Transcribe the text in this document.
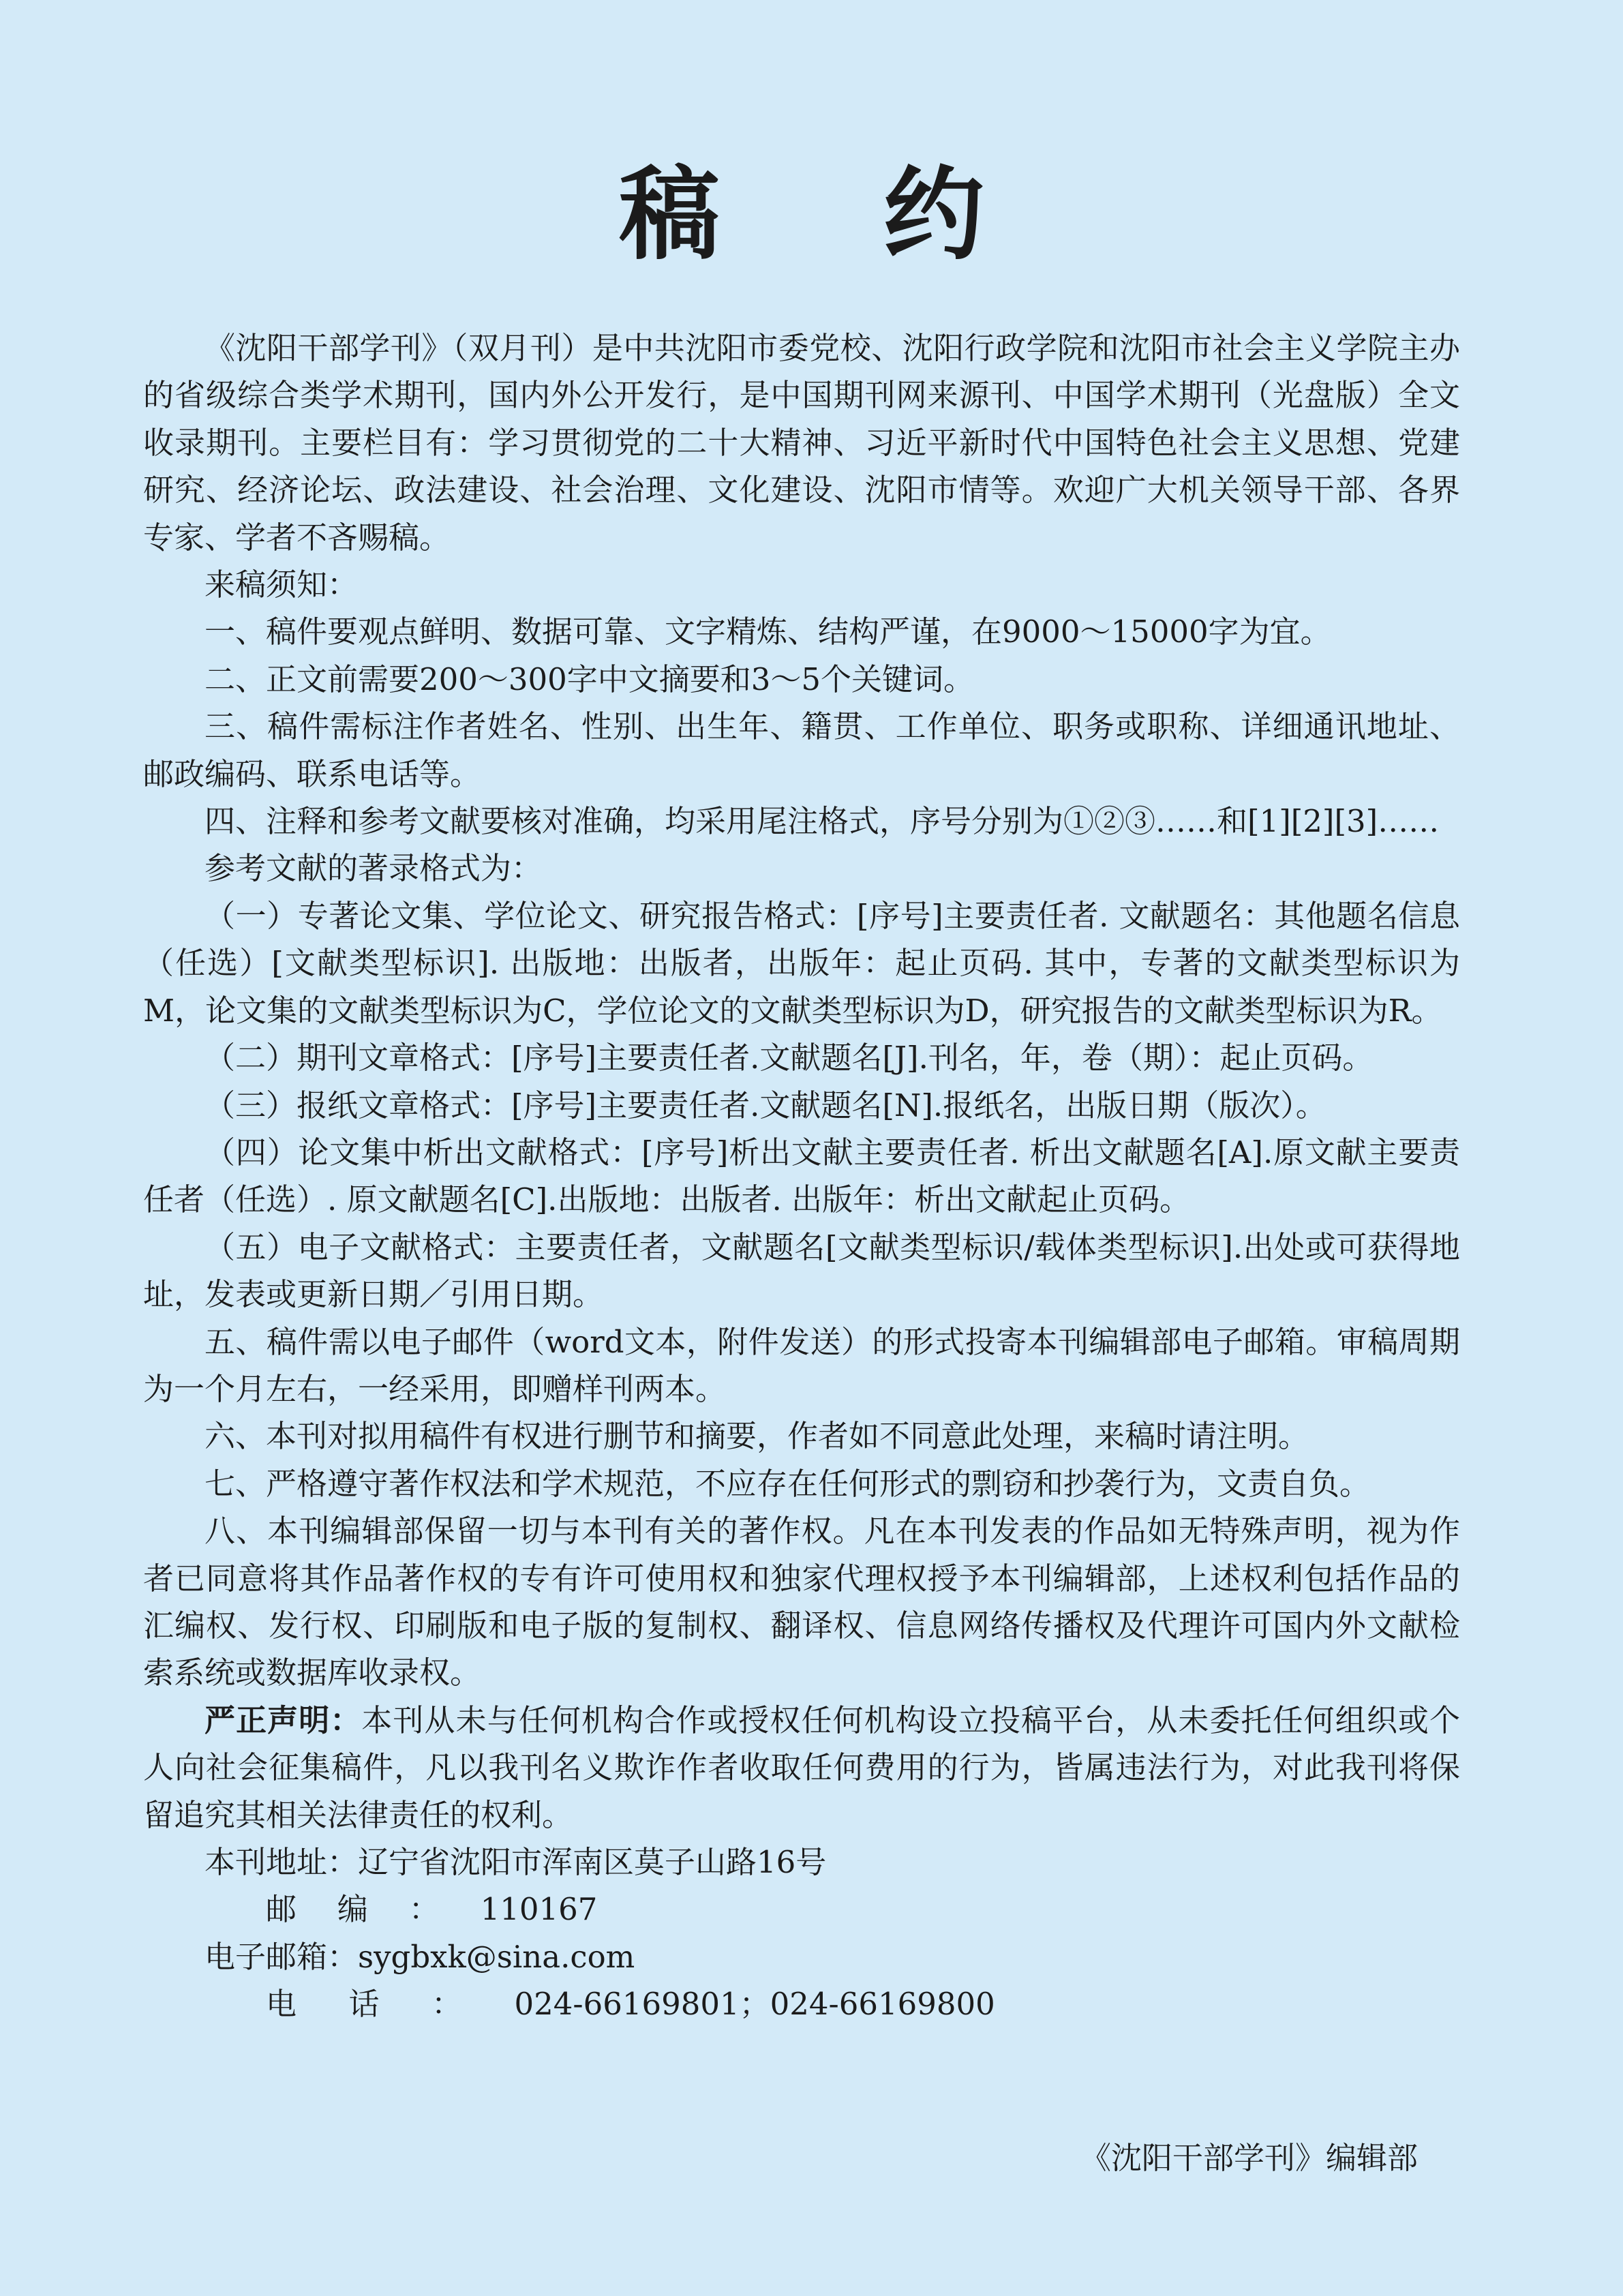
稿 约

《沈阳干部学刊》（双月刊）是中共沈阳市委党校、沈阳行政学院和沈阳市社会主义学院主办的省级综合类学术期刊，国内外公开发行，是中国期刊网来源刊、中国学术期刊（光盘版）全文收录期刊。主要栏目有：学习贯彻党的二十大精神、习近平新时代中国特色社会主义思想、党建研究、经济论坛、政法建设、社会治理、文化建设、沈阳市情等。欢迎广大机关领导干部、各界专家、学者不吝赐稿。

来稿须知：

一、稿件要观点鲜明、数据可靠、文字精炼、结构严谨，在9000～15000字为宜。

二、正文前需要200～300字中文摘要和3～5个关键词。

三、稿件需标注作者姓名、性别、出生年、籍贯、工作单位、职务或职称、详细通讯地址、邮政编码、联系电话等。

四、注释和参考文献要核对准确，均采用尾注格式，序号分别为①②③……和[1][2][3]……

参考文献的著录格式为：

（一）专著论文集、学位论文、研究报告格式：[序号]主要责任者. 文献题名：其他题名信息（任选）[文献类型标识]. 出版地：出版者，出版年：起止页码. 其中，专著的文献类型标识为M，论文集的文献类型标识为C，学位论文的文献类型标识为D，研究报告的文献类型标识为R。

（二）期刊文章格式：[序号]主要责任者.文献题名[J].刊名，年，卷（期）：起止页码。

（三）报纸文章格式：[序号]主要责任者.文献题名[N].报纸名，出版日期（版次）。

（四）论文集中析出文献格式：[序号]析出文献主要责任者. 析出文献题名[A].原文献主要责任者（任选）. 原文献题名[C].出版地：出版者. 出版年：析出文献起止页码。

（五）电子文献格式：主要责任者，文献题名[文献类型标识/载体类型标识].出处或可获得地址，发表或更新日期／引用日期。

五、稿件需以电子邮件（word文本，附件发送）的形式投寄本刊编辑部电子邮箱。审稿周期为一个月左右，一经采用，即赠样刊两本。

六、本刊对拟用稿件有权进行删节和摘要，作者如不同意此处理，来稿时请注明。

七、严格遵守著作权法和学术规范，不应存在任何形式的剽窃和抄袭行为，文责自负。

八、本刊编辑部保留一切与本刊有关的著作权。凡在本刊发表的作品如无特殊声明，视为作者已同意将其作品著作权的专有许可使用权和独家代理权授予本刊编辑部，上述权利包括作品的汇编权、发行权、印刷版和电子版的复制权、翻译权、信息网络传播权及代理许可国内外文献检索系统或数据库收录权。

严正声明：本刊从未与任何机构合作或授权任何机构设立投稿平台，从未委托任何组织或个人向社会征集稿件，凡以我刊名义欺诈作者收取任何费用的行为，皆属违法行为，对此我刊将保留追究其相关法律责任的权利。

本刊地址：辽宁省沈阳市浑南区莫子山路16号

邮编：110167

电子邮箱：sygbxk@sina.com

电话：024-66169801；024-66169800

《沈阳干部学刊》编辑部
